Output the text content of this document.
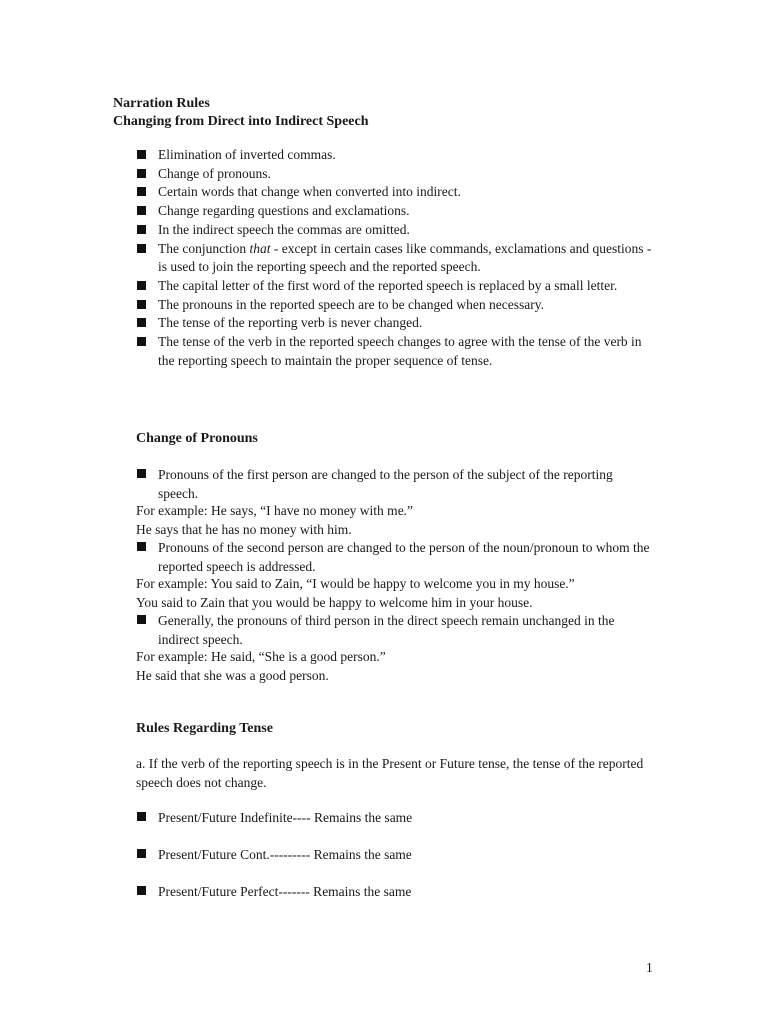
Narration Rules
Changing from Direct into Indirect Speech
Elimination of inverted commas.
Change of pronouns.
Certain words that change when converted into indirect.
Change regarding questions and exclamations.
In the indirect speech the commas are omitted.
The conjunction that - except in certain cases like commands, exclamations and questions - is used to join the reporting speech and the reported speech.
The capital letter of the first word of the reported speech is replaced by a small letter.
The pronouns in the reported speech are to be changed when necessary.
The tense of the reporting verb is never changed.
The tense of the verb in the reported speech changes to agree with the tense of the verb in the reporting speech to maintain the proper sequence of tense.
Change of Pronouns
Pronouns of the first person are changed to the person of the subject of the reporting speech.
For example: He says, “I have no money with me.”
He says that he has no money with him.
Pronouns of the second person are changed to the person of the noun/pronoun to whom the reported speech is addressed.
For example: You said to Zain, “I would be happy to welcome you in my house.”
You said to Zain that you would be happy to welcome him in your house.
Generally, the pronouns of third person in the direct speech remain unchanged in the indirect speech.
For example: He said, “She is a good person.”
He said that she was a good person.
Rules Regarding Tense
a. If the verb of the reporting speech is in the Present or Future tense, the tense of the reported speech does not change.
Present/Future Indefinite---- Remains the same
Present/Future Cont.--------- Remains the same
Present/Future Perfect------- Remains the same
1
